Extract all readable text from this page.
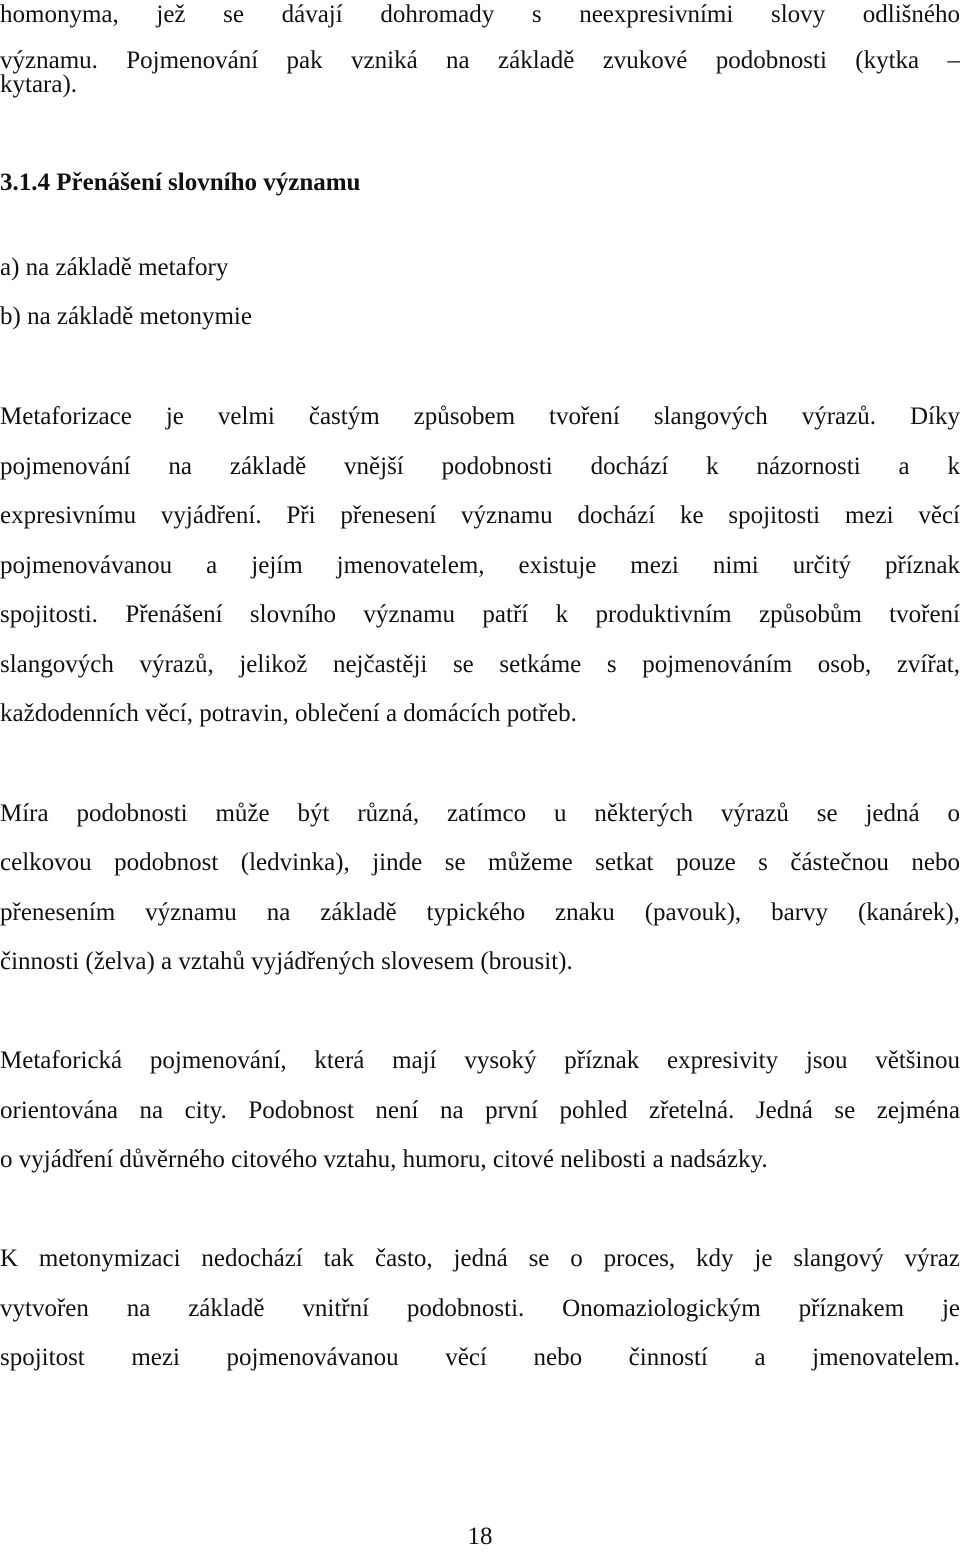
homonyma, jež se dávají dohromady s neexpresivními slovy odlišného
významu. Pojmenování pak vzniká na základě zvukové podobnosti (kytka –
kytara).
3.1.4 Přenášení slovního významu
a) na základě metafory
b) na základě metonymie
Metaforizace je velmi častým způsobem tvoření slangových výrazů. Díky
pojmenování na základě vnější podobnosti dochází k názornosti a k
expresivnímu vyjádření. Při přenesení významu dochází ke spojitosti mezi věcí
pojmenovávanou a jejím jmenovatelem, existuje mezi nimi určitý příznak
spojitosti. Přenášení slovního významu patří k produktivním způsobům tvoření
slangových výrazů, jelikož nejčastěji se setkáme s pojmenováním osob, zvířat,
každodenních věcí, potravin, oblečení a domácích potřeb.
Míra podobnosti může být různá, zatímco u některých výrazů se jedná o
celkovou podobnost (ledvinka), jinde se můžeme setkat pouze s částečnou nebo
přenesením významu na základě typického znaku (pavouk), barvy (kanárek),
činnosti (želva) a vztahů vyjádřených slovesem (brousit).
Metaforická pojmenování, která mají vysoký příznak expresivity jsou většinou
orientována na city. Podobnost není na první pohled zřetelná. Jedná se zejména
o vyjádření důvěrného citového vztahu, humoru, citové nelibosti a nadsázky.
K metonymizaci nedochází tak často, jedná se o proces, kdy je slangový výraz
vytvořen na základě vnitřní podobnosti. Onomaziologickým příznakem je
spojitost mezi pojmenovávanou věcí nebo činností a jmenovatelem.
18
